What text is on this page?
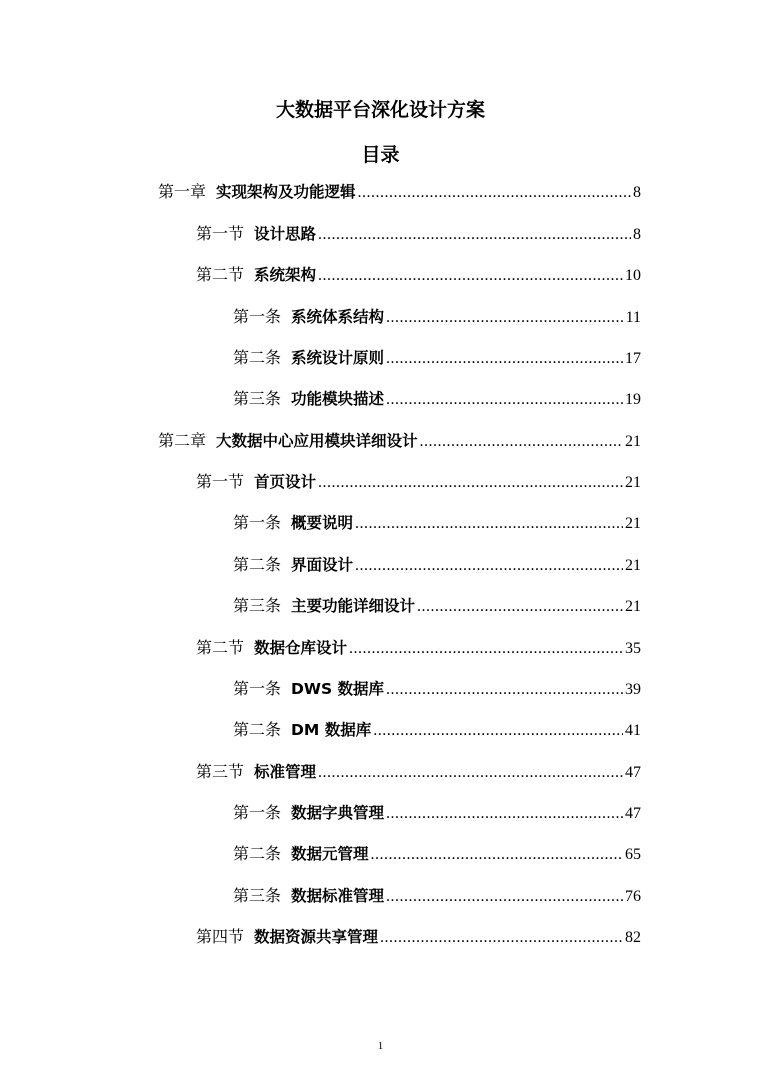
大数据平台深化设计方案
目录
第一章 实现架构及功能逻辑 .....	8
第一节 设计思路 .....	8
第二节 系统架构 .....	10
第一条 系统体系结构 .....	11
第二条 系统设计原则 .....	17
第三条 功能模块描述 .....	19
第二章 大数据中心应用模块详细设计 .....	21
第一节 首页设计 .....	21
第一条 概要说明 .....	21
第二条 界面设计 .....	21
第三条 主要功能详细设计 .....	21
第二节 数据仓库设计 .....	35
第一条 DWS 数据库 .....	39
第二条 DM 数据库 .....	41
第三节 标准管理 .....	47
第一条 数据字典管理 .....	47
第二条 数据元管理 .....	65
第三条 数据标准管理 .....	76
第四节 数据资源共享管理 .....	82
1
